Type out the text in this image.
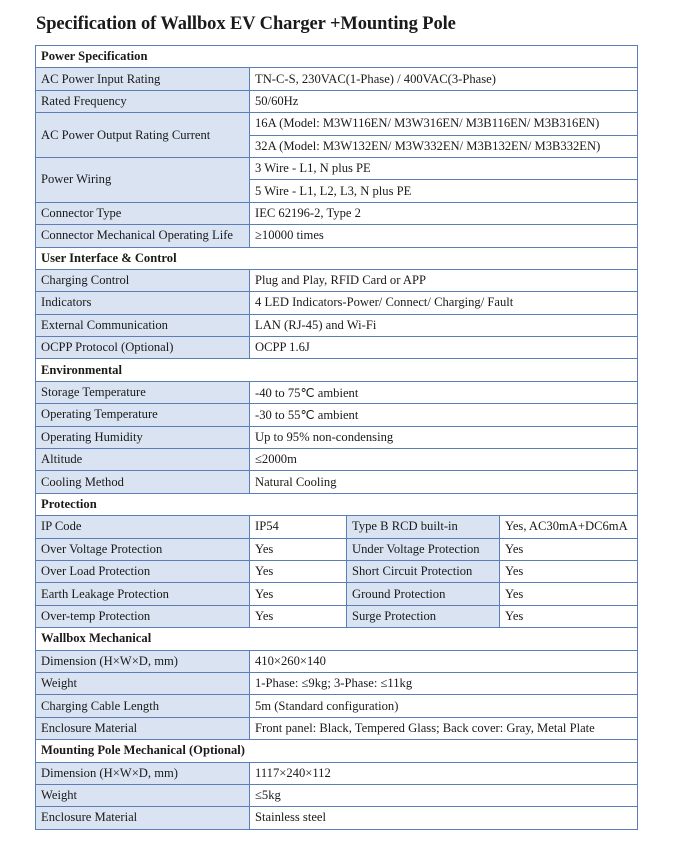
Specification of Wallbox EV Charger +Mounting Pole
Power Specification			
AC Power Input Rating	TN-C-S, 230VAC(1-Phase) / 400VAC(3-Phase)		
Rated Frequency	50/60Hz		
AC Power Output Rating Current	16A (Model: M3W116EN/ M3W316EN/ M3B116EN/ M3B316EN)		
	32A (Model: M3W132EN/ M3W332EN/ M3B132EN/ M3B332EN)		
Power Wiring	3 Wire - L1, N plus PE		
	5 Wire - L1, L2, L3, N plus PE		
Connector Type	IEC 62196-2, Type 2		
Connector Mechanical Operating Life	≥10000 times		
User Interface & Control			
Charging Control	Plug and Play, RFID Card or APP		
Indicators	4 LED Indicators-Power/ Connect/ Charging/ Fault		
External Communication	LAN (RJ-45) and Wi-Fi		
OCPP Protocol (Optional)	OCPP 1.6J		
Environmental			
Storage Temperature	-40 to 75℃ ambient		
Operating Temperature	-30 to 55℃ ambient		
Operating Humidity	Up to 95% non-condensing		
Altitude	≤2000m		
Cooling Method	Natural Cooling		
Protection			
IP Code	IP54	Type B RCD built-in	Yes, AC30mA+DC6mA
Over Voltage Protection	Yes	Under Voltage Protection	Yes
Over Load Protection	Yes	Short Circuit Protection	Yes
Earth Leakage Protection	Yes	Ground Protection	Yes
Over-temp Protection	Yes	Surge Protection	Yes
Wallbox Mechanical			
Dimension (H×W×D, mm)	410×260×140		
Weight	1-Phase: ≤9kg; 3-Phase: ≤11kg		
Charging Cable Length	5m (Standard configuration)		
Enclosure Material	Front panel: Black, Tempered Glass; Back cover: Gray, Metal Plate		
Mounting Pole Mechanical (Optional)			
Dimension (H×W×D, mm)	1117×240×112		
Weight	≤5kg		
Enclosure Material	Stainless steel		
